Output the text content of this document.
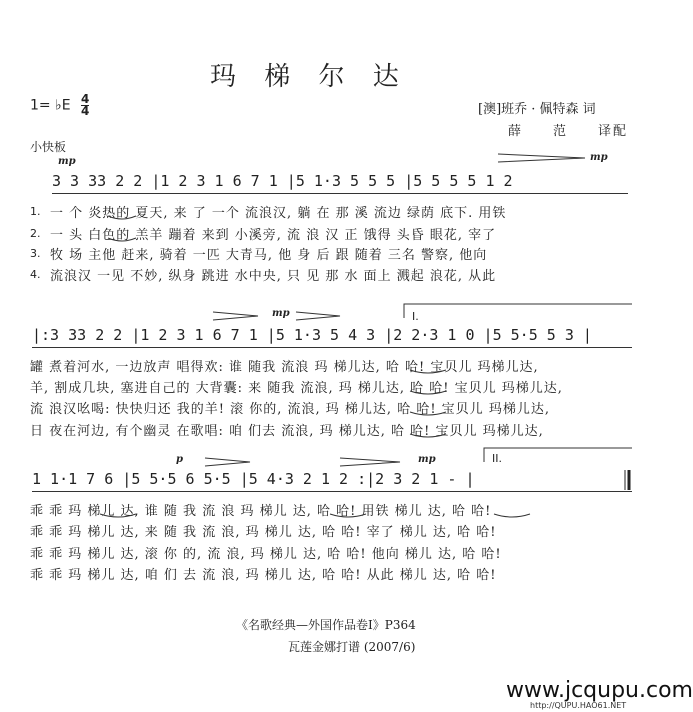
玛 梯 尔 达
1= ♭E $\frac{4}{4}$	[澳]班乔 · 佩特森 词
薛　　范　　译配
小快板
mp	mp
3 3 33 2 2 |1 2 3 1 6 7 1 |5 1·3 5 5 5 |5 5 5 5 1 2
1. 一 个 炎热的 夏天, 来 了 一个 流浪汉, 躺 在 那 溪 流边 绿荫 底下. 用铁
2. 一 头 白色的 羔羊 蹦着 来到 小溪旁, 流 浪 汉 正 饿得 头昏 眼花, 宰了
3. 牧 场 主他 赶来, 骑着 一匹 大青马, 他 身 后 跟 随着 三名 警察, 他向
4. 流浪汉 一见 不妙, 纵身 跳进 水中央, 只 见 那 水 面上 溅起 浪花, 从此
mp	I.
|:3 33 2 2 |1 2 3 1 6 7 1 |5 1·3 5 4 3 |2 2·3 1 0 |5 5·5 5 3 |
罐 煮着河水, 一边放声 唱得欢: 谁 随我 流浪 玛 梯儿达, 哈 哈! 宝贝儿 玛梯儿达,
羊, 割成几块, 塞进自己的 大背囊: 来 随我 流浪, 玛 梯儿达, 哈 哈! 宝贝儿 玛梯儿达,
流 浪汉吆喝: 快快归还 我的羊! 滚 你的, 流浪, 玛 梯儿达, 哈 哈! 宝贝儿 玛梯儿达,
日 夜在河边, 有个幽灵 在歌唱: 咱 们去 流浪, 玛 梯儿达, 哈 哈! 宝贝儿 玛梯儿达,
p	mp	II.
1 1·1 7 6 |5 5·5 6 5·5 |5 4·3 2 1 2 :|2 3 2 1 - |
乖 乖 玛 梯儿 达, 谁 随 我 流 浪 玛 梯儿 达, 哈 哈! 用铁 梯儿 达, 哈 哈!
乖 乖 玛 梯儿 达, 来 随 我 流 浪, 玛 梯儿 达, 哈 哈! 宰了 梯儿 达, 哈 哈!
乖 乖 玛 梯儿 达, 滚 你 的, 流 浪, 玛 梯儿 达, 哈 哈! 他向 梯儿 达, 哈 哈!
乖 乖 玛 梯儿 达, 咱 们 去 流 浪, 玛 梯儿 达, 哈 哈! 从此 梯儿 达, 哈 哈!
《名歌经典—外国作品卷Ⅰ》P364
瓦莲金娜打谱 (2007/6)
www.jcqupu.com
http://QUPU.HAO61.NET
